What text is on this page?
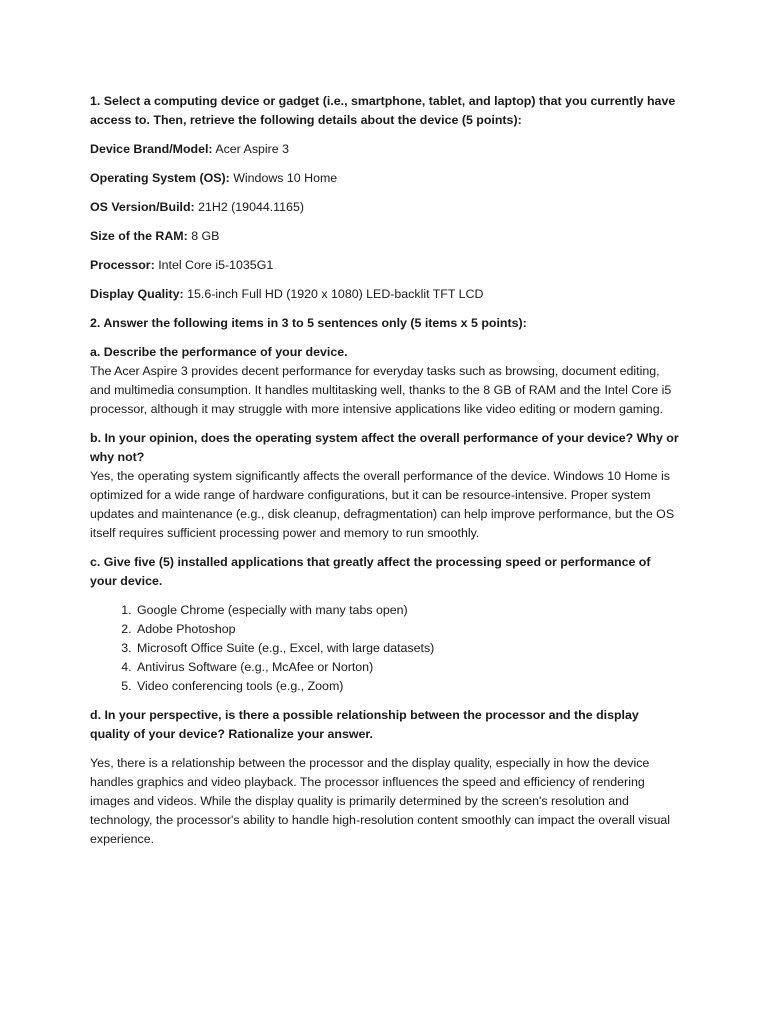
1. Select a computing device or gadget (i.e., smartphone, tablet, and laptop) that you currently have access to. Then, retrieve the following details about the device (5 points):

Device Brand/Model: Acer Aspire 3

Operating System (OS): Windows 10 Home

OS Version/Build: 21H2 (19044.1165)

Size of the RAM: 8 GB

Processor: Intel Core i5-1035G1

Display Quality: 15.6-inch Full HD (1920 x 1080) LED-backlit TFT LCD

2. Answer the following items in 3 to 5 sentences only (5 items x 5 points):

a. Describe the performance of your device.
The Acer Aspire 3 provides decent performance for everyday tasks such as browsing, document editing, and multimedia consumption. It handles multitasking well, thanks to the 8 GB of RAM and the Intel Core i5 processor, although it may struggle with more intensive applications like video editing or modern gaming.
b. In your opinion, does the operating system affect the overall performance of your device? Why or why not?
Yes, the operating system significantly affects the overall performance of the device. Windows 10 Home is optimized for a wide range of hardware configurations, but it can be resource-intensive. Proper system updates and maintenance (e.g., disk cleanup, defragmentation) can help improve performance, but the OS itself requires sufficient processing power and memory to run smoothly.

c. Give five (5) installed applications that greatly affect the processing speed or performance of your device.

1. Google Chrome (especially with many tabs open)
2. Adobe Photoshop
3. Microsoft Office Suite (e.g., Excel, with large datasets)
4. Antivirus Software (e.g., McAfee or Norton)
5. Video conferencing tools (e.g., Zoom)

d. In your perspective, is there a possible relationship between the processor and the display quality of your device? Rationalize your answer.

Yes, there is a relationship between the processor and the display quality, especially in how the device handles graphics and video playback. The processor influences the speed and efficiency of rendering images and videos. While the display quality is primarily determined by the screen's resolution and technology, the processor's ability to handle high-resolution content smoothly can impact the overall visual experience.
